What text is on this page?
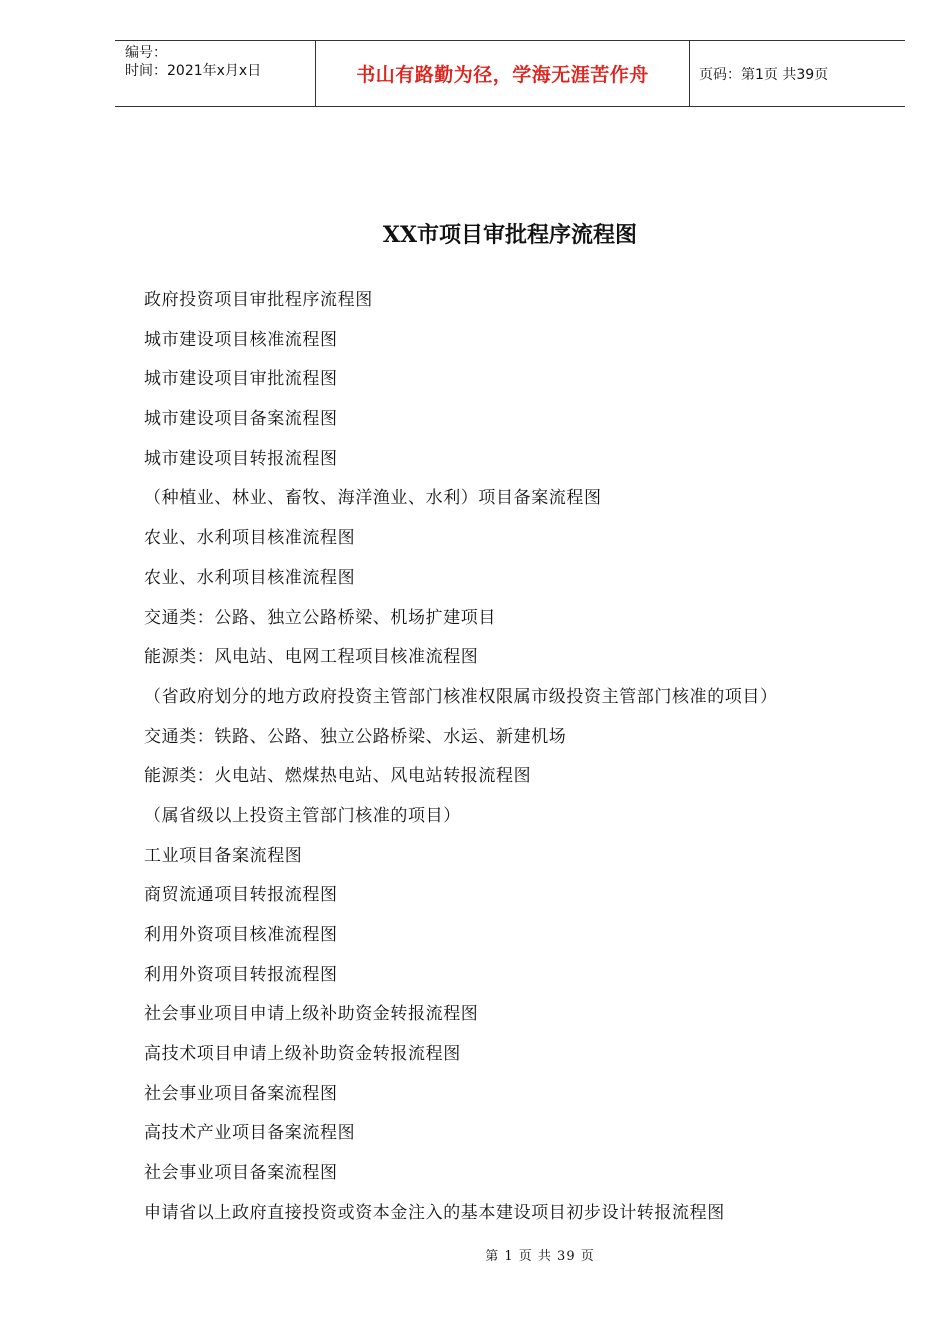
编号：
时间：2021年x月x日	书山有路勤为径，学海无涯苦作舟	页码：第1页 共39页
XX市项目审批程序流程图
政府投资项目审批程序流程图
城市建设项目核准流程图
城市建设项目审批流程图
城市建设项目备案流程图
城市建设项目转报流程图
（种植业、林业、畜牧、海洋渔业、水利）项目备案流程图
农业、水利项目核准流程图
农业、水利项目核准流程图
交通类：公路、独立公路桥梁、机场扩建项目
能源类：风电站、电网工程项目核准流程图
（省政府划分的地方政府投资主管部门核准权限属市级投资主管部门核准的项目）
交通类：铁路、公路、独立公路桥梁、水运、新建机场
能源类：火电站、燃煤热电站、风电站转报流程图
（属省级以上投资主管部门核准的项目）
工业项目备案流程图
商贸流通项目转报流程图
利用外资项目核准流程图
利用外资项目转报流程图
社会事业项目申请上级补助资金转报流程图
高技术项目申请上级补助资金转报流程图
社会事业项目备案流程图
高技术产业项目备案流程图
社会事业项目备案流程图
申请省以上政府直接投资或资本金注入的基本建设项目初步设计转报流程图
第 1 页 共 39 页
